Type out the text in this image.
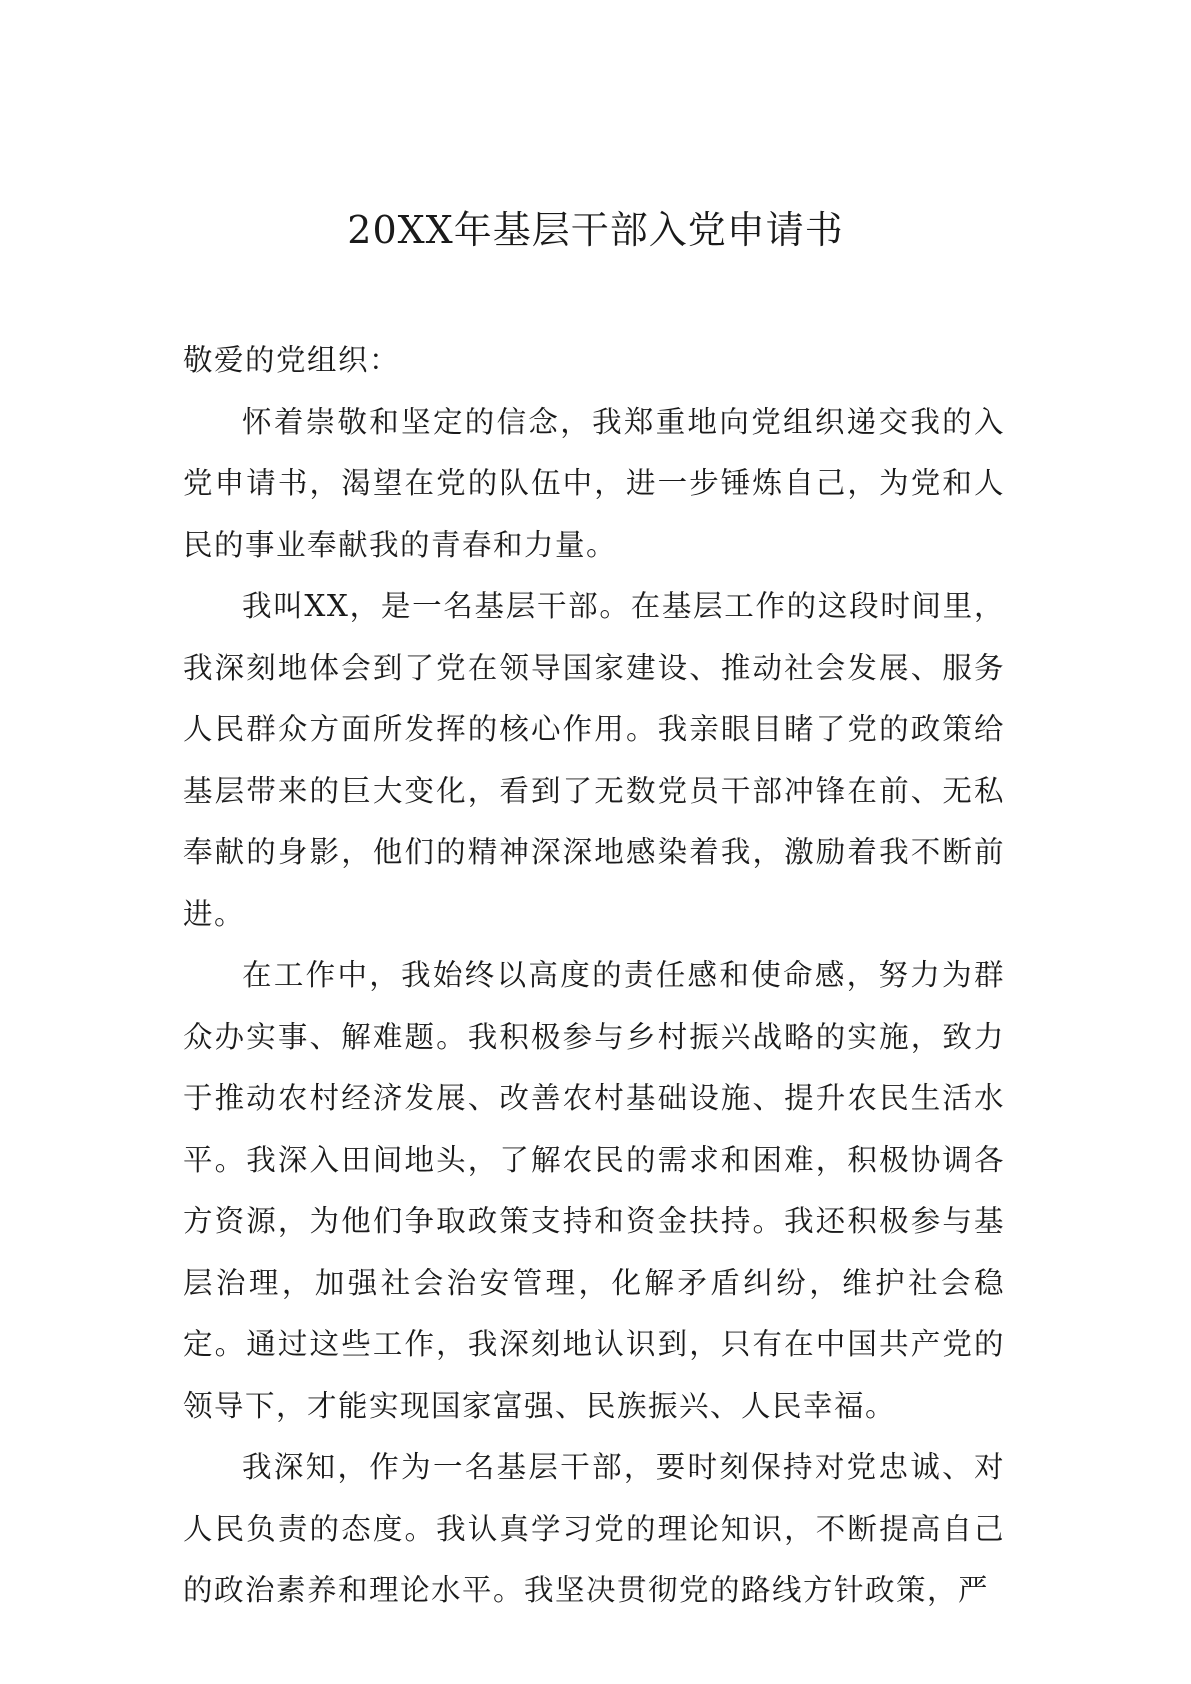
20XX年基层干部入党申请书

敬爱的党组织：

怀着崇敬和坚定的信念，我郑重地向党组织递交我的入党申请书，渴望在党的队伍中，进一步锤炼自己，为党和人民的事业奉献我的青春和力量。

我叫XX，是一名基层干部。在基层工作的这段时间里，我深刻地体会到了党在领导国家建设、推动社会发展、服务人民群众方面所发挥的核心作用。我亲眼目睹了党的政策给基层带来的巨大变化，看到了无数党员干部冲锋在前、无私奉献的身影，他们的精神深深地感染着我，激励着我不断前进。

在工作中，我始终以高度的责任感和使命感，努力为群众办实事、解难题。我积极参与乡村振兴战略的实施，致力于推动农村经济发展、改善农村基础设施、提升农民生活水平。我深入田间地头，了解农民的需求和困难，积极协调各方资源，为他们争取政策支持和资金扶持。我还积极参与基层治理，加强社会治安管理，化解矛盾纠纷，维护社会稳定。通过这些工作，我深刻地认识到，只有在中国共产党的领导下，才能实现国家富强、民族振兴、人民幸福。

我深知，作为一名基层干部，要时刻保持对党忠诚、对人民负责的态度。我认真学习党的理论知识，不断提高自己的政治素养和理论水平。我坚决贯彻党的路线方针政策，严
